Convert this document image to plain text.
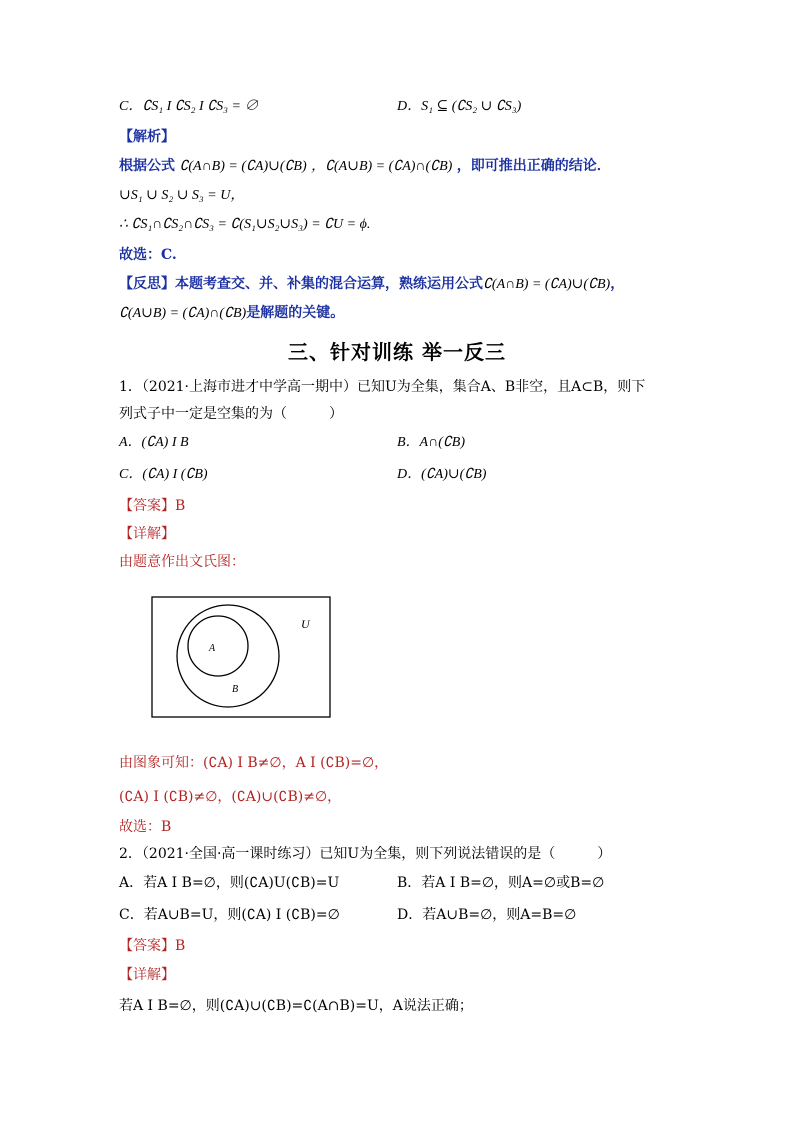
C．∁S₁ I ∁S₂ I ∁S₃ = ∅	D．S₁ ⊆ (∁S₂ ∪ ∁S₃)
【解析】
根据公式 ∁(A∩B) = (∁A)∪(∁B) ，∁(A∪B) = (∁A)∩(∁B) ，即可推出正确的结论．
∪S₁ ∪ S₂ ∪ S₃ = U，
∴ ∁S₁∩∁S₂∩∁S₃ = ∁(S₁∪S₂∪S₃) = ∁U = ϕ.
故选：C.
【反思】本题考查交、并、补集的混合运算，熟练运用公式∁(A∩B) = (∁A)∪(∁B)，
∁(A∪B) = (∁A)∩(∁B)是解题的关键。
三、针对训练 举一反三
1．（2021·上海市进才中学高一期中）已知U为全集，集合A、B非空，且A⊂B，则下
列式子中一定是空集的为（　　　）
A．(∁A) I B	B．A∩(∁B)
C．(∁A) I (∁B)	D．(∁A)∪(∁B)
【答案】B
【详解】
由题意作出文氏图：
U
A
B
由图象可知：(∁A) I B≠∅，A I (∁B)=∅，
(∁A) I (∁B)≠∅，(∁A)∪(∁B)≠∅，
故选：B
2．（2021·全国·高一课时练习）已知U为全集，则下列说法错误的是（　　　）
A．若A I B=∅，则(∁A)U(∁B)=U	B．若A I B=∅，则A=∅或B=∅
C．若A∪B=U，则(∁A) I (∁B)=∅	D．若A∪B=∅，则A=B=∅
【答案】B
【详解】
若A I B=∅，则(∁A)∪(∁B)=∁(A∩B)=U，A说法正确；
